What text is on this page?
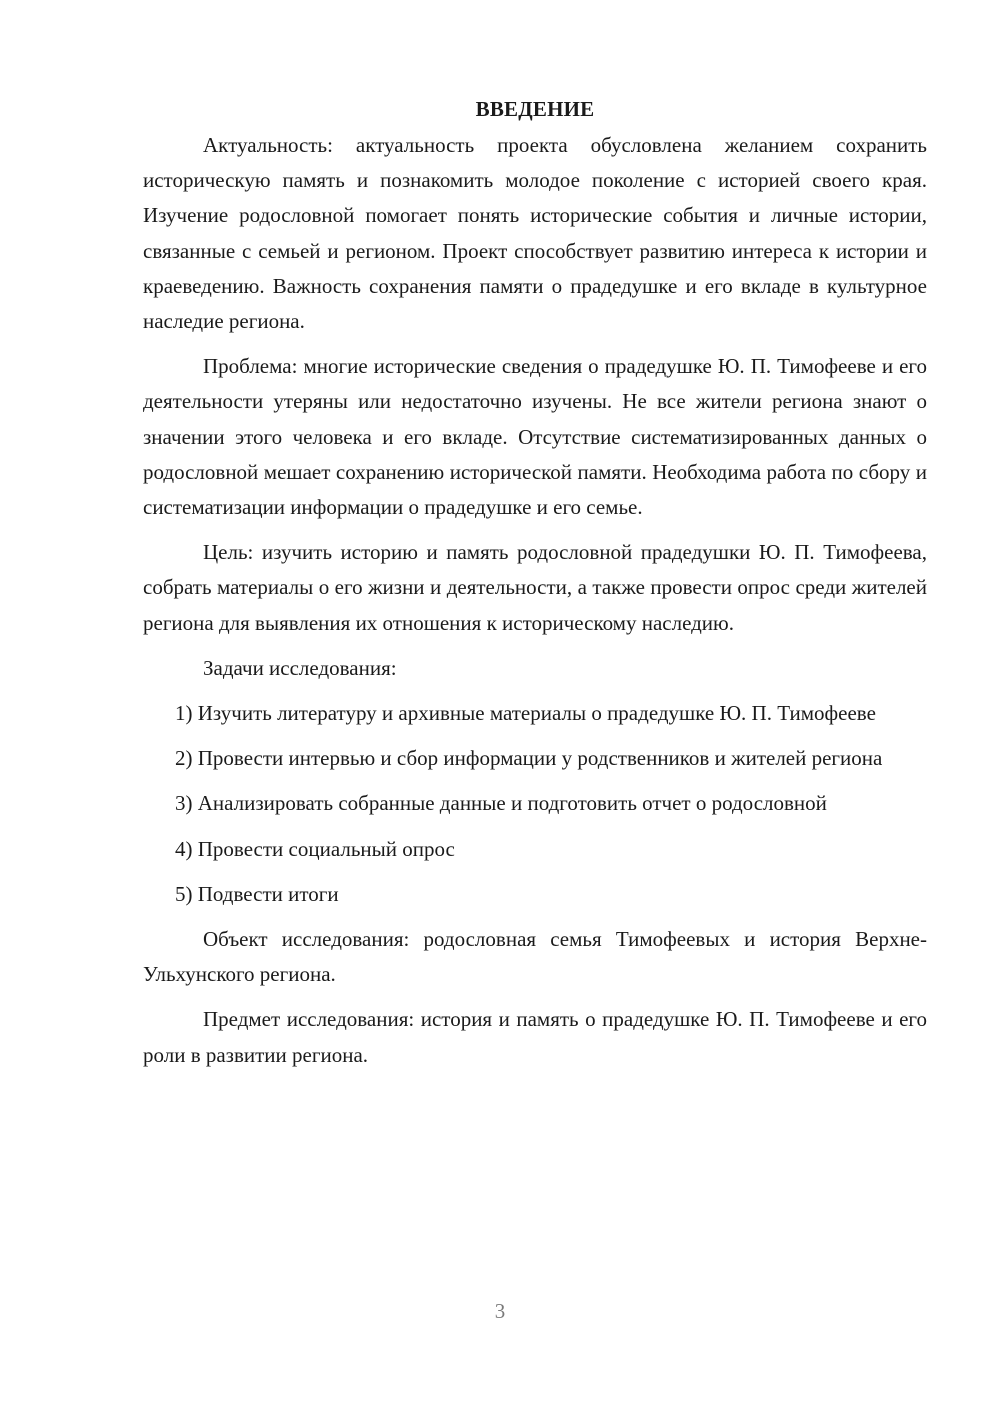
ВВЕДЕНИЕ

Актуальность: актуальность проекта обусловлена желанием сохранить историческую память и познакомить молодое поколение с историей своего края. Изучение родословной помогает понять исторические события и личные истории, связанные с семьей и регионом. Проект способствует развитию интереса к истории и краеведению. Важность сохранения памяти о прадедушке и его вкладе в культурное наследие региона.

Проблема: многие исторические сведения о прадедушке Ю. П. Тимофееве и его деятельности утеряны или недостаточно изучены. Не все жители региона знают о значении этого человека и его вкладе. Отсутствие систематизированных данных о родословной мешает сохранению исторической памяти. Необходима работа по сбору и систематизации информации о прадедушке и его семье.

Цель: изучить историю и память родословной прадедушки Ю. П. Тимофеева, собрать материалы о его жизни и деятельности, а также провести опрос среди жителей региона для выявления их отношения к историческому наследию.

Задачи исследования:

1) Изучить литературу и архивные материалы о прадедушке Ю. П. Тимофееве

2) Провести интервью и сбор информации у родственников и жителей региона

3) Анализировать собранные данные и подготовить отчет о родословной

4) Провести социальный опрос

5) Подвести итоги

Объект исследования: родословная семья Тимофеевых и история Верхне-Ульхунского региона.

Предмет исследования: история и память о прадедушке Ю. П. Тимофееве и его роли в развитии региона.

3
